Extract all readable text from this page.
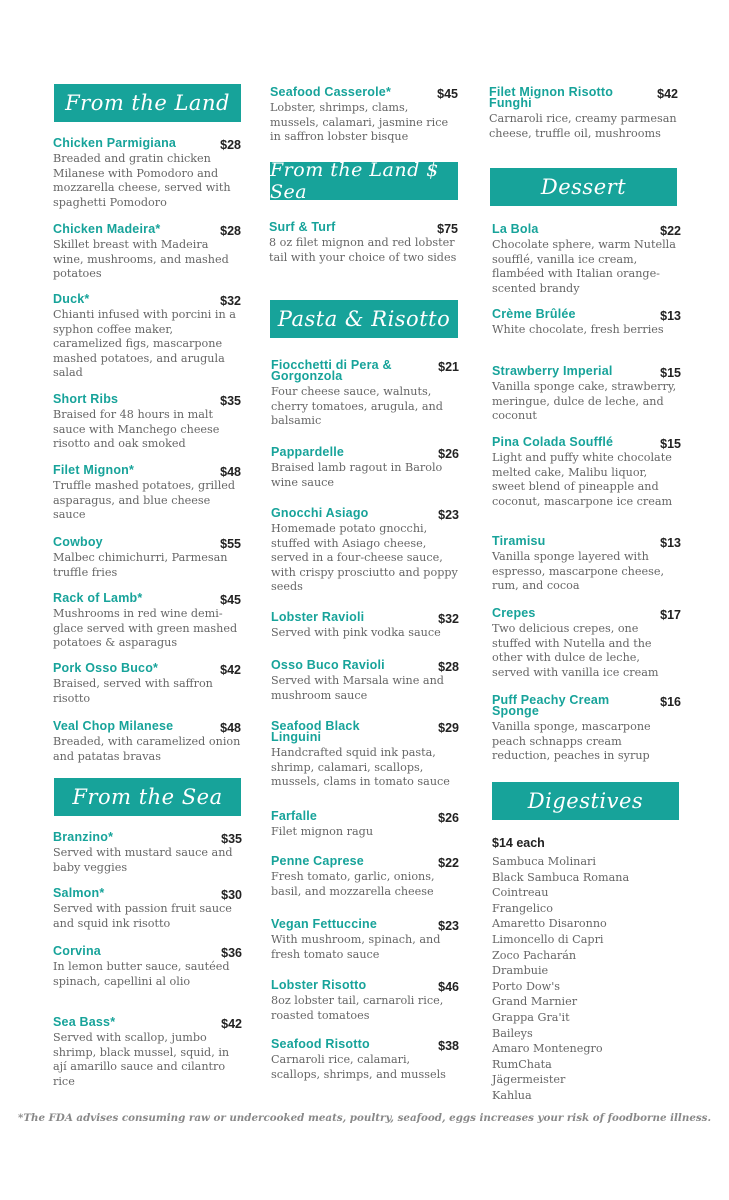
From the Land
Chicken Parmigiana	$28
Breaded and gratin chicken Milanese with Pomodoro and mozzarella cheese, served with spaghetti Pomodoro
Chicken Madeira*	$28
Skillet breast with Madeira wine, mushrooms, and mashed potatoes
Duck*	$32
Chianti infused with porcini in a syphon coffee maker, caramelized figs, mascarpone mashed potatoes, and arugula salad
Short Ribs	$35
Braised for 48 hours in malt sauce with Manchego cheese risotto and oak smoked
Filet Mignon*	$48
Truffle mashed potatoes, grilled asparagus, and blue cheese sauce
Cowboy	$55
Malbec chimichurri, Parmesan truffle fries
Rack of Lamb*	$45
Mushrooms in red wine demi-glace served with green mashed potatoes & asparagus
Pork Osso Buco*	$42
Braised, served with saffron risotto
Veal Chop Milanese	$48
Breaded, with caramelized onion and patatas bravas
From the Sea
Branzino*	$35
Served with mustard sauce and baby veggies
Salmon*	$30
Served with passion fruit sauce and squid ink risotto
Corvina	$36
In lemon butter sauce, sautéed spinach, capellini al olio
Sea Bass*	$42
Served with scallop, jumbo shrimp, black mussel, squid, in ají amarillo sauce and cilantro rice
Seafood Casserole*	$45
Lobster, shrimps, clams, mussels, calamari, jasmine rice in saffron lobster bisque
From the Land $ Sea
Surf & Turf	$75
8 oz filet mignon and red lobster tail with your choice of two sides
Pasta & Risotto
Fiocchetti di Pera & Gorgonzola
$21
Four cheese sauce, walnuts, cherry tomatoes, arugula, and balsamic
Pappardelle	$26
Braised lamb ragout in Barolo wine sauce
Gnocchi Asiago	$23
Homemade potato gnocchi, stuffed with Asiago cheese, served in a four-cheese sauce, with crispy prosciutto and poppy seeds
Lobster Ravioli	$32
Served with pink vodka sauce
Osso Buco Ravioli	$28
Served with Marsala wine and mushroom sauce
Seafood Black Linguini
$29
Handcrafted squid ink pasta, shrimp, calamari, scallops, mussels, clams in tomato sauce
Farfalle	$26
Filet mignon ragu
Penne Caprese	$22
Fresh tomato, garlic, onions, basil, and mozzarella cheese
Vegan Fettuccine	$23
With mushroom, spinach, and fresh tomato sauce
Lobster Risotto	$46
8oz lobster tail, carnaroli rice, roasted tomatoes
Seafood Risotto	$38
Carnaroli rice, calamari, scallops, shrimps, and mussels
Filet Mignon Risotto Funghi
$42
Carnaroli rice, creamy parmesan cheese, truffle oil, mushrooms
Dessert
La Bola	$22
Chocolate sphere, warm Nutella soufflé, vanilla ice cream, flambéed with Italian orange-scented brandy
Crème Brûlée	$13
White chocolate, fresh berries
Strawberry Imperial	$15
Vanilla sponge cake, strawberry, meringue, dulce de leche, and coconut
Pina Colada Soufflé	$15
Light and puffy white chocolate melted cake, Malibu liquor, sweet blend of pineapple and coconut, mascarpone ice cream
Tiramisu	$13
Vanilla sponge layered with espresso, mascarpone cheese, rum, and cocoa
Crepes	$17
Two delicious crepes, one stuffed with Nutella and the other with dulce de leche, served with vanilla ice cream
Puff Peachy Cream Sponge
$16
Vanilla sponge, mascarpone peach schnapps cream reduction, peaches in syrup
Digestives
$14 each
Sambuca Molinari
Black Sambuca Romana
Cointreau
Frangelico
Amaretto Disaronno
Limoncello di Capri
Zoco Pacharán
Drambuie
Porto Dow's
Grand Marnier
Grappa Gra'it
Baileys
Amaro Montenegro
RumChata
Jägermeister
Kahlua
*The FDA advises consuming raw or undercooked meats, poultry, seafood, eggs increases your risk of foodborne illness.
